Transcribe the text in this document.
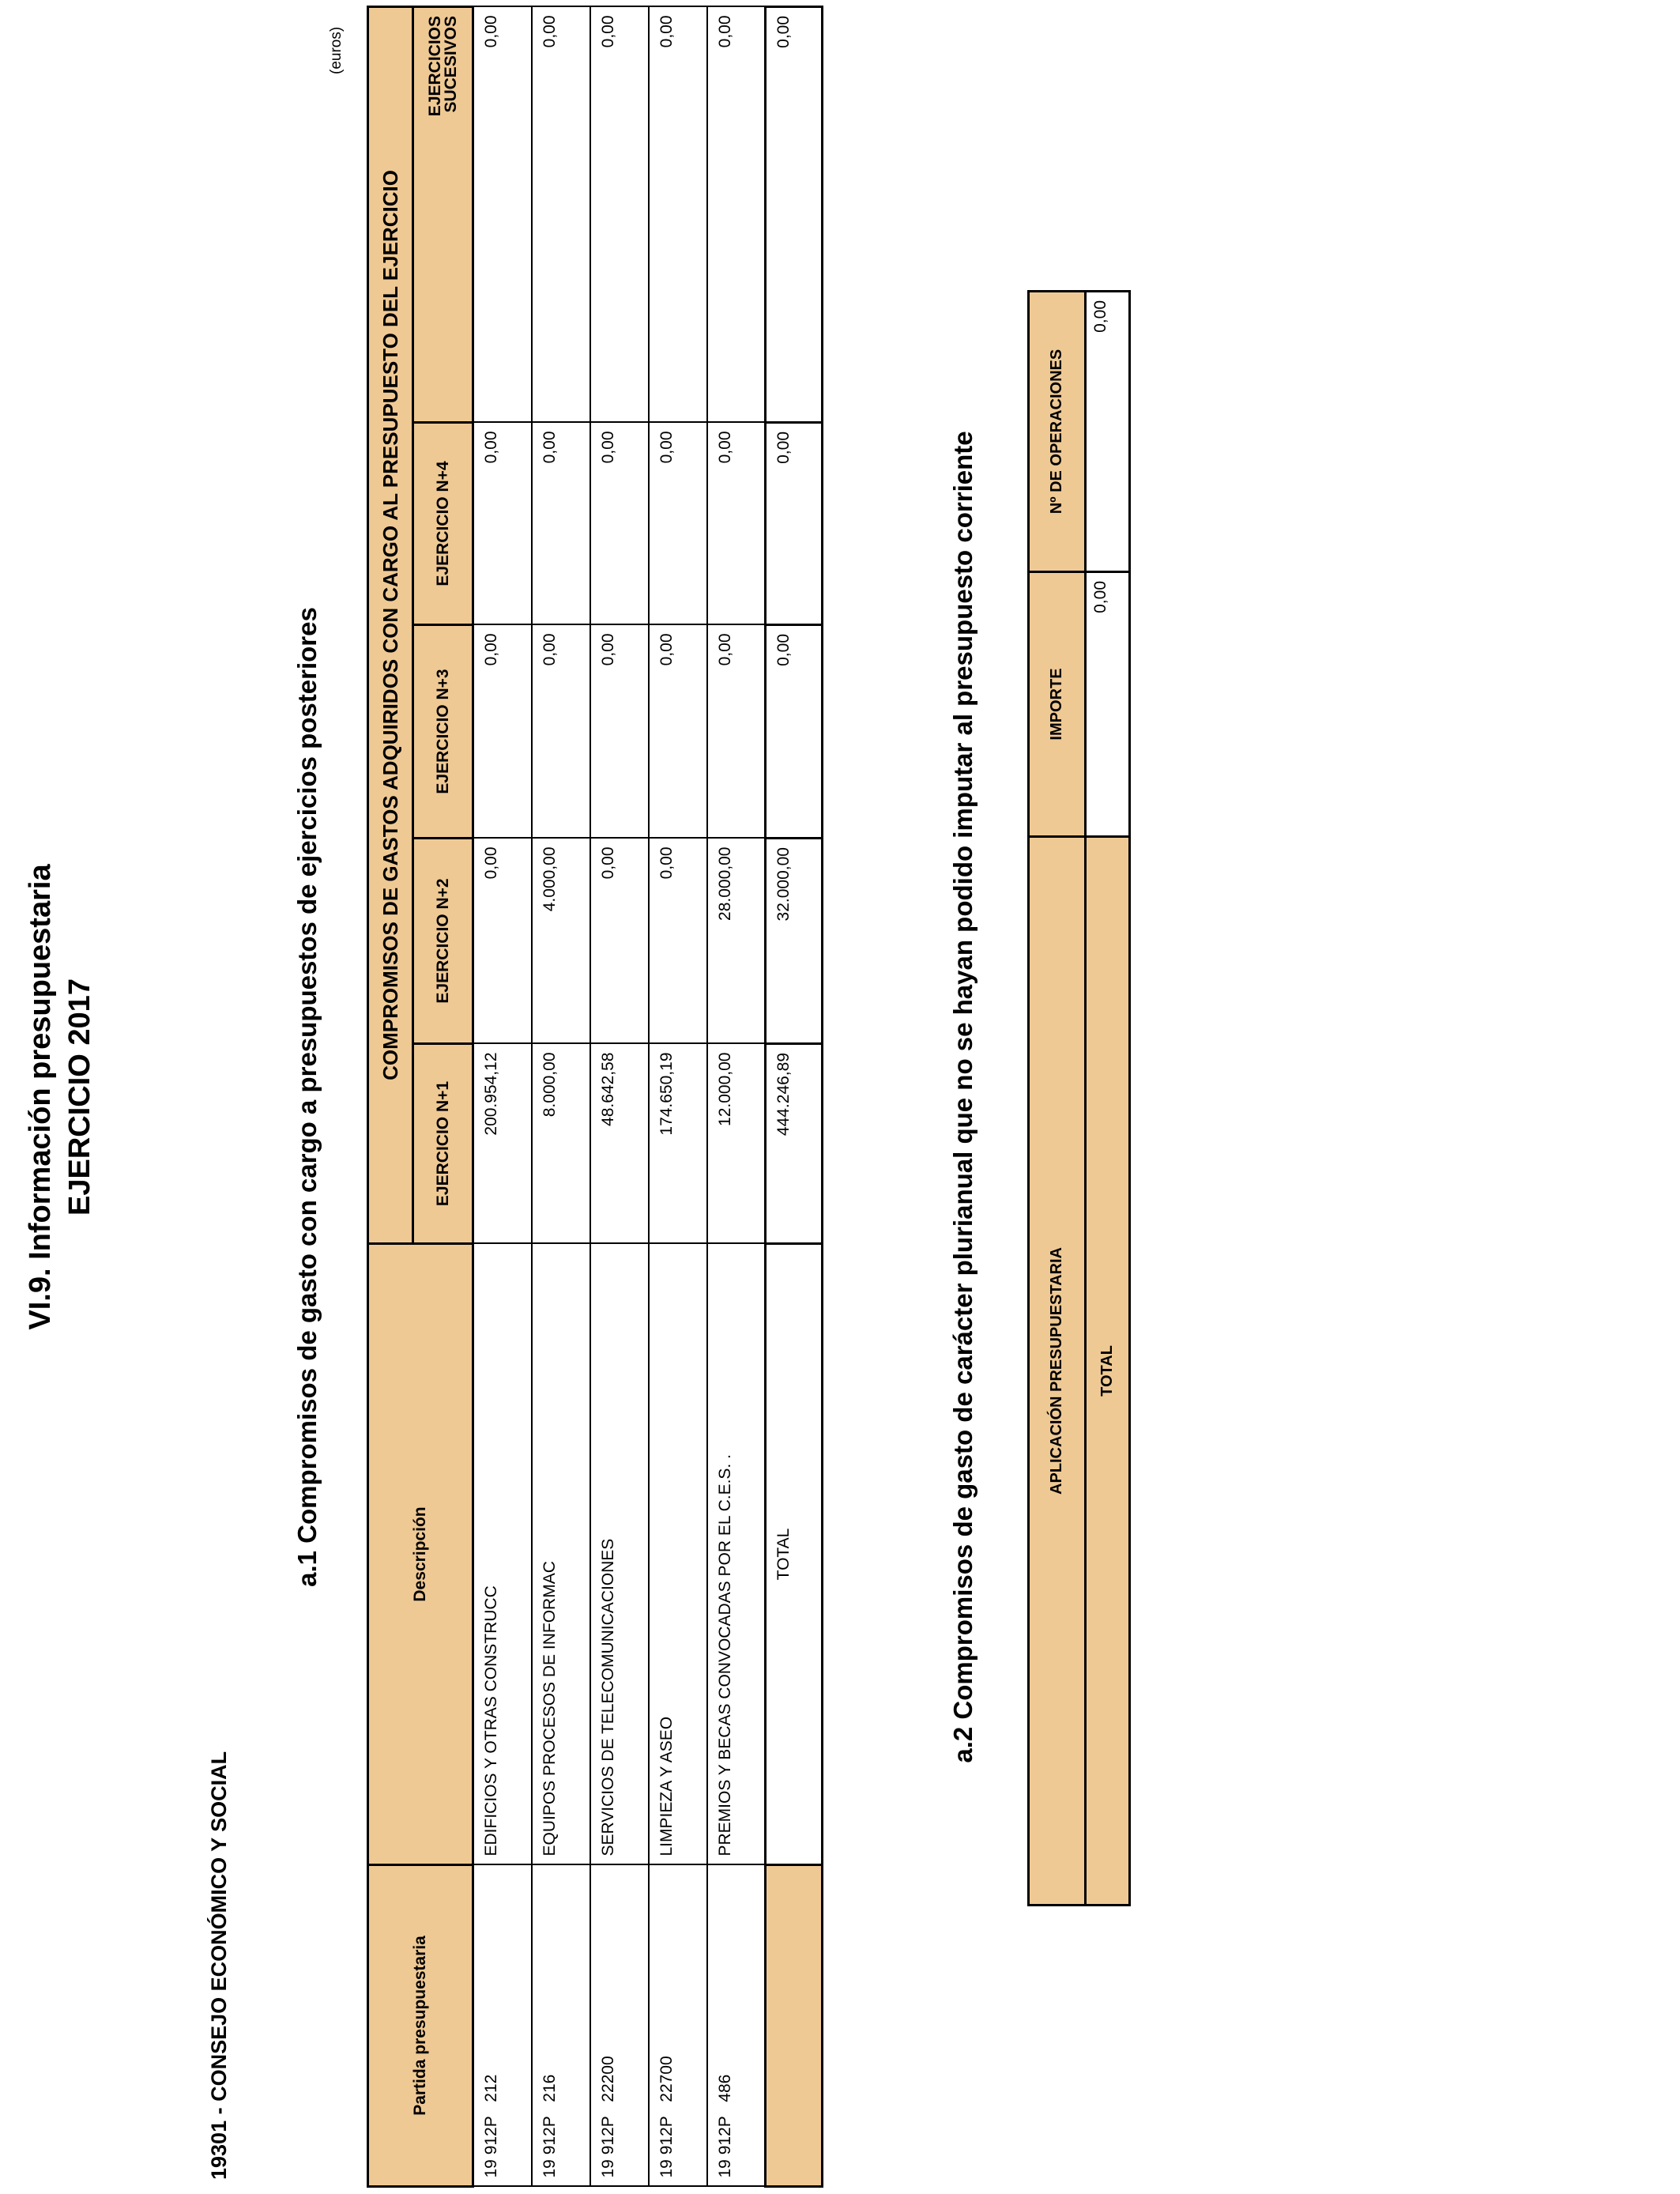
VI.9. Información presupuestaria EJERCICIO 2017
19301 - CONSEJO ECONÓMICO Y SOCIAL
a.1 Compromisos de gasto con cargo a presupuestos de ejercicios posteriores
(euros)
Partida presupuestaria	Descripción	COMPROMISOS DE GASTOS ADQUIRIDOS CON CARGO AL PRESUPUESTO DEL EJERCICIO				
		EJERCICIO N+1	EJERCICIO N+2	EJERCICIO N+3	EJERCICIO N+4	EJERCICIOS
SUCESIVOS
19 912P   212	EDIFICIOS Y OTRAS CONSTRUCC	200.954,12	0,00	0,00	0,00	0,00
19 912P   216	EQUIPOS PROCESOS DE INFORMAC	8.000,00	4.000,00	0,00	0,00	0,00
19 912P   22200	SERVICIOS DE TELECOMUNICACIONES	48.642,58	0,00	0,00	0,00	0,00
19 912P   22700	LIMPIEZA Y ASEO	174.650,19	0,00	0,00	0,00	0,00
19 912P   486	PREMIOS Y BECAS CONVOCADAS POR EL C.E.S. .	12.000,00	28.000,00	0,00	0,00	0,00
	TOTAL	444.246,89	32.000,00	0,00	0,00	0,00
a.2 Compromisos de gasto de carácter plurianual que no se hayan podido imputar al presupuesto corriente	APLICACIÓN PRESUPUESTARIA	IMPORTE	Nº DE OPERACIONES
TOTAL	0,00	0,00
